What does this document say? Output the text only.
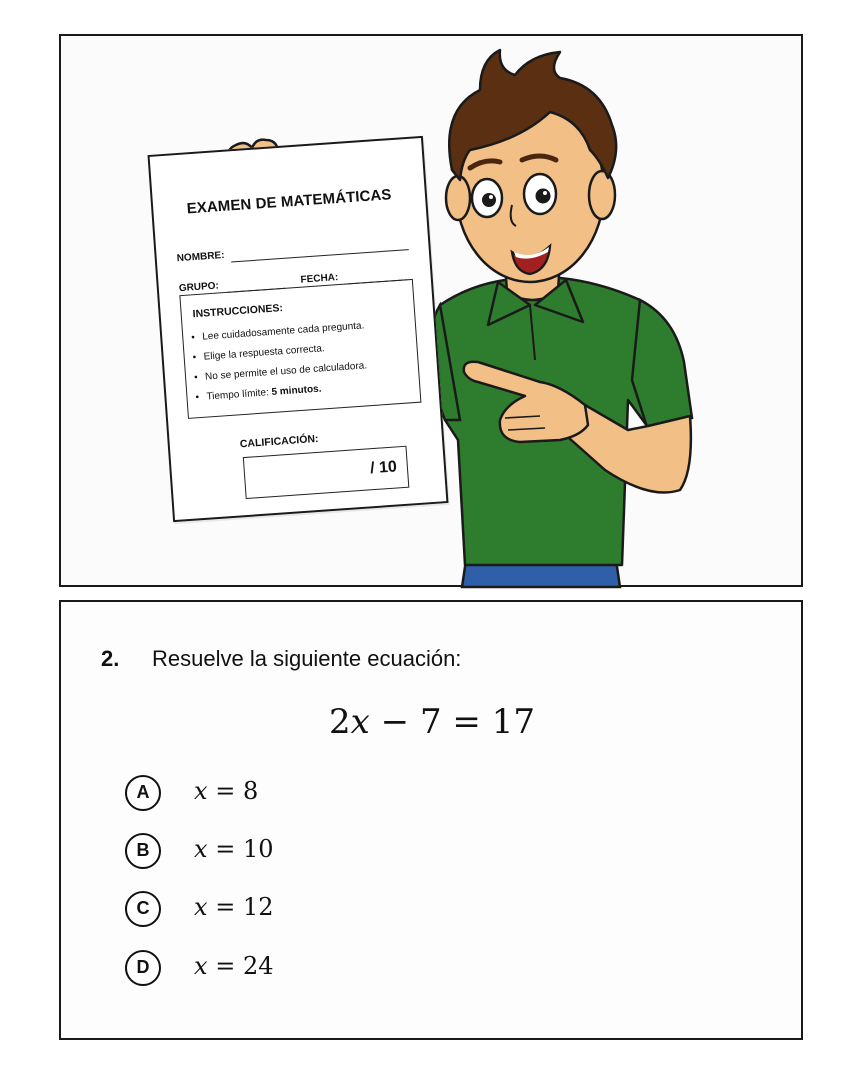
EXAMEN DE MATEMÁTICAS
NOMBRE:
GRUPO:
FECHA:
INSTRUCCIONES:
• Lee cuidadosamente cada pregunta.
• Elige la respuesta correcta.
• No se permite el uso de calculadora.
• Tiempo límite: 5 minutos.
CALIFICACIÓN:
/ 10
2. Resuelve la siguiente ecuación:
2x − 7 = 17
A	x = 8
B	x = 10
C	x = 12
D	x = 24
